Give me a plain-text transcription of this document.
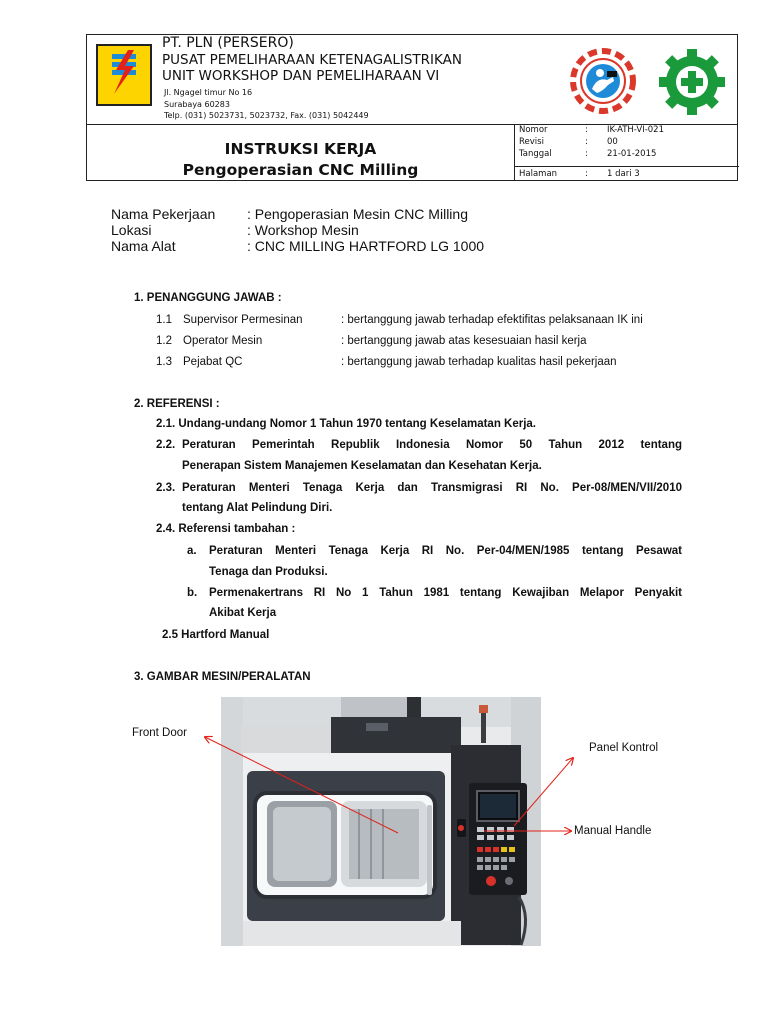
PT. PLN (PERSERO)
PUSAT PEMELIHARAAN KETENAGALISTRIKAN
UNIT WORKSHOP DAN PEMELIHARAAN VI
Jl. Ngagel timur No 16
Surabaya 60283
Telp. (031) 5023731, 5023732, Fax. (031) 5042449
INSTRUKSI KERJA
Pengoperasian CNC Milling
Nomor	: IK-ATH-VI-021
Revisi	: 00
Tanggal	: 21-01-2015
Halaman	: 1 dari 3
Nama Pekerjaan : Pengoperasian Mesin CNC Milling
Lokasi	: Workshop Mesin
Nama Alat	: CNC MILLING HARTFORD LG 1000
1. PENANGGUNG JAWAB :
1.1 Supervisor Permesinan	: bertanggung jawab terhadap efektifitas pelaksanaan IK ini
1.2 Operator Mesin	: bertanggung jawab atas kesesuaian hasil kerja
1.3 Pejabat QC	: bertanggung jawab terhadap kualitas hasil pekerjaan
2. REFERENSI :
2.1. Undang-undang Nomor 1 Tahun 1970 tentang Keselamatan Kerja.
2.2. Peraturan Pemerintah Republik Indonesia Nomor 50 Tahun 2012 tentang
Penerapan Sistem Manajemen Keselamatan dan Kesehatan Kerja.
2.3. Peraturan Menteri Tenaga Kerja dan Transmigrasi RI No. Per-08/MEN/VII/2010
tentang Alat Pelindung Diri.
2.4. Referensi tambahan :
a. Peraturan Menteri Tenaga Kerja RI No. Per-04/MEN/1985 tentang Pesawat
Tenaga dan Produksi.
b. Permenakertrans RI No 1 Tahun 1981 tentang Kewajiban Melapor Penyakit
Akibat Kerja
2.5 Hartford Manual
3. GAMBAR MESIN/PERALATAN
Front Door
Panel Kontrol
Manual Handle
